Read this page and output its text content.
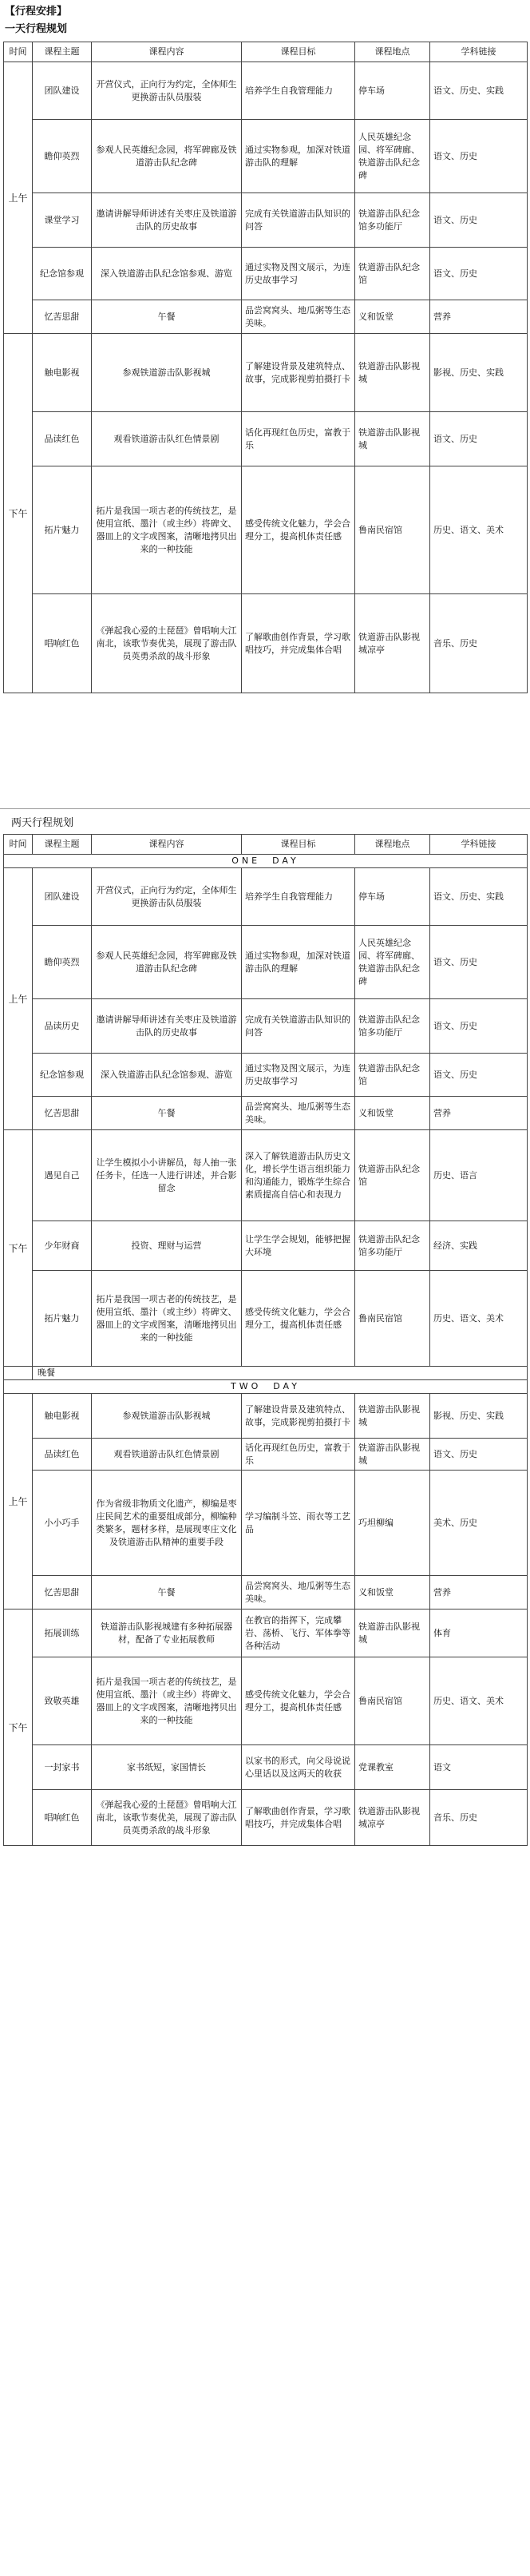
【行程安排】
一天行程规划
时间	课程主题	课程内容	课程目标	课程地点	学科链接
上午	团队建设	开营仪式，正向行为约定，全体师生更换游击队员服装	培养学生自我管理能力	停车场	语文、历史、实践
	瞻仰英烈	参观人民英雄纪念园，将军碑廊及铁道游击队纪念碑	通过实物参观，加深对铁道游击队的理解	人民英雄纪念园、将军碑廊、铁道游击队纪念碑	语文、历史
	课堂学习	邀请讲解导师讲述有关枣庄及铁道游击队的历史故事	完成有关铁道游击队知识的问答	铁道游击队纪念馆多功能厅	语文、历史
	纪念馆参观	深入铁道游击队纪念馆参观、游览	通过实物及图文展示，为连历史故事学习	铁道游击队纪念馆	语文、历史
	忆苦思甜	午餐	品尝窝窝头、地瓜粥等生态美味。	义和饭堂	营养
下午	触电影视	参观铁道游击队影视城	了解建设背景及建筑特点、故事，完成影视剪拍摄打卡	铁道游击队影视城	影视、历史、实践
	品读红色	观看铁道游击队红色情景剧	话化再现红色历史，富教于乐	铁道游击队影视城	语文、历史
	拓片魅力	拓片是我国一项古老的传统技艺，是使用宣纸、墨汁（或主纱）将碑文、器皿上的文字或图案，清晰地拷贝出来的一种技能	感受传统文化魅力，学会合理分工，提高机体责任感	鲁南民宿馆	历史、语文、美术
	唱响红色	《弹起我心爱的土琵琶》曾唱响大江南北，该歌节奏优美，展现了游击队员英勇杀敌的战斗形象	了解歌曲创作背景，学习歌唱技巧，并完成集体合唱	铁道游击队影视城凉亭	音乐、历史
两天行程规划
时间	课程主题	课程内容	课程目标	课程地点	学科链接
ONE　DAY					
上午	团队建设	开营仪式，正向行为约定，全体师生更换游击队员服装	培养学生自我管理能力	停车场	语文、历史、实践
	瞻仰英烈	参观人民英雄纪念园，将军碑廊及铁道游击队纪念碑	通过实物参观，加深对铁道游击队的理解	人民英雄纪念园、将军碑廊、铁道游击队纪念碑	语文、历史
	品读历史	邀请讲解导师讲述有关枣庄及铁道游击队的历史故事	完成有关铁道游击队知识的问答	铁道游击队纪念馆多功能厅	语文、历史
	纪念馆参观	深入铁道游击队纪念馆参观、游览	通过实物及图文展示，为连历史故事学习	铁道游击队纪念馆	语文、历史
	忆苦思甜	午餐	品尝窝窝头、地瓜粥等生态美味。	义和饭堂	营养
下午	遇见自己	让学生模拟小小讲解员，每人抽一张任务卡，任选一人进行讲述，并合影留念	深入了解铁道游击队历史文化，增长学生语言组织能力和沟通能力，锻炼学生综合素质提高自信心和表现力	铁道游击队纪念馆	历史、语言
	少年财商	投资、理财与运营	让学生学会规划，能够把握大环境	铁道游击队纪念馆多功能厅	经济、实践
	拓片魅力	拓片是我国一项古老的传统技艺，是使用宣纸、墨汁（或主纱）将碑文、器皿上的文字或图案，清晰地拷贝出来的一种技能	感受传统文化魅力，学会合理分工，提高机体责任感	鲁南民宿馆	历史、语文、美术
	晚餐				
TWO　DAY					
上午	触电影视	参观铁道游击队影视城	了解建设背景及建筑特点、故事，完成影视剪拍摄打卡	铁道游击队影视城	影视、历史、实践
	品读红色	观看铁道游击队红色情景剧	话化再现红色历史，富教于乐	铁道游击队影视城	语文、历史
	小小巧手	作为省级非物质文化遗产，柳编是枣庄民间艺术的重要组成部分，柳编种类繁多，题材多样，是展现枣庄文化及铁道游击队精神的重要手段	学习编制斗笠、雨衣等工艺品	巧坦柳编	美术、历史
	忆苦思甜	午餐	品尝窝窝头、地瓜粥等生态美味。	义和饭堂	营养
下午	拓展训练	铁道游击队影视城建有多种拓展器材，配备了专业拓展教师	在教官的指挥下，完成攀岩、荡桥、飞行、军体拳等各种活动	铁道游击队影视城	体育
	致敬英雄	拓片是我国一项古老的传统技艺，是使用宣纸、墨汁（或主纱）将碑文、器皿上的文字或图案，清晰地拷贝出来的一种技能	感受传统文化魅力，学会合理分工，提高机体责任感	鲁南民宿馆	历史、语文、美术
	一封家书	家书纸短，家国情长	以家书的形式，向父母说说心里话以及这两天的收获	党课教室	语文
	唱响红色	《弹起我心爱的土琵琶》曾唱响大江南北，该歌节奏优美，展现了游击队员英勇杀敌的战斗形象	了解歌曲创作背景，学习歌唱技巧，并完成集体合唱	铁道游击队影视城凉亭	音乐、历史
